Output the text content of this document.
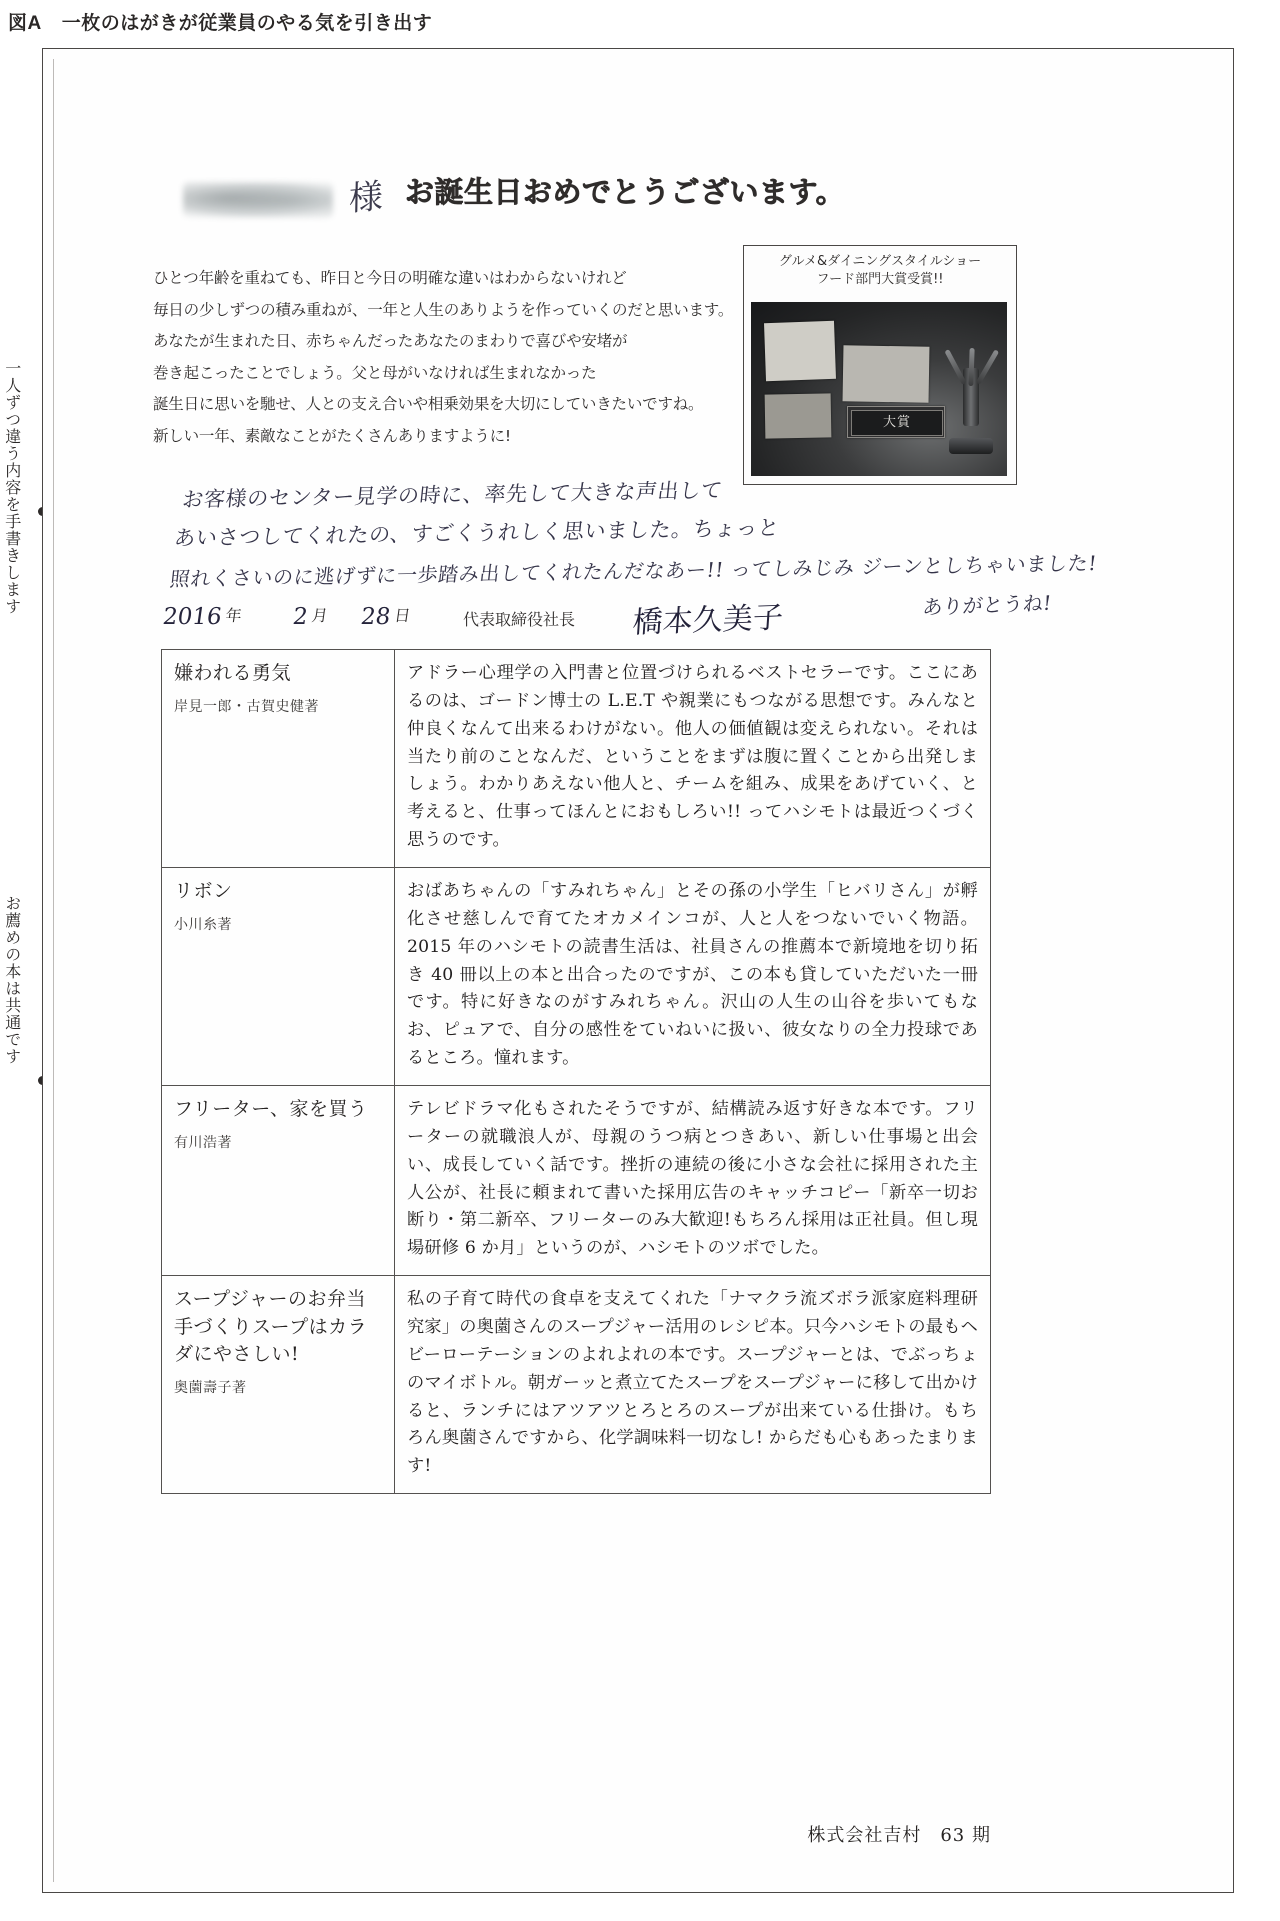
図A 一枚のはがきが従業員のやる気を引き出す
一人ずつ違う内容を手書きします
お薦めの本は共通です
様 お誕生日おめでとうございます。

ひとつ年齢を重ねても、昨日と今日の明確な違いはわからないけれど

毎日の少しずつの積み重ねが、一年と人生のありようを作っていくのだと思います。

あなたが生まれた日、赤ちゃんだったあなたのまわりで喜びや安堵が

巻き起こったことでしょう。父と母がいなければ生まれなかった

誕生日に思いを馳せ、人との支え合いや相乗効果を大切にしていきたいですね。

新しい一年、素敵なことがたくさんありますように!

グルメ&ダイニングスタイルショー
フード部門大賞受賞!!
大賞
お客様のセンター見学の時に、率先して大きな声出して
あいさつしてくれたの、すごくうれしく思いました。ちょっと
照れくさいのに逃げずに一歩踏み出してくれたんだなあー!! ってしみじみ ジーンとしちゃいました!
ありがとうね!
2016年 2月 28日	代表取締役社長 橋本久美子
嫌われる勇気
岸見一郎・古賀史健著	アドラー心理学の入門書と位置づけられるベストセラーです。ここにあるのは、ゴードン博士の L.E.T や親業にもつながる思想です。みんなと仲良くなんて出来るわけがない。他人の価値観は変えられない。それは当たり前のことなんだ、ということをまずは腹に置くことから出発しましょう。わかりあえない他人と、チームを組み、成果をあげていく、と考えると、仕事ってほんとにおもしろい!! ってハシモトは最近つくづく思うのです。

リボン
小川糸著	おばあちゃんの「すみれちゃん」とその孫の小学生「ヒバリさん」が孵化させ慈しんで育てたオカメインコが、人と人をつないでいく物語。2015 年のハシモトの読書生活は、社員さんの推薦本で新境地を切り拓き 40 冊以上の本と出合ったのですが、この本も貸していただいた一冊です。特に好きなのがすみれちゃん。沢山の人生の山谷を歩いてもなお、ピュアで、自分の感性をていねいに扱い、彼女なりの全力投球であるところ。憧れます。

フリーター、家を買う
有川浩著	テレビドラマ化もされたそうですが、結構読み返す好きな本です。フリーターの就職浪人が、母親のうつ病とつきあい、新しい仕事場と出会い、成長していく話です。挫折の連続の後に小さな会社に採用された主人公が、社長に頼まれて書いた採用広告のキャッチコピー「新卒一切お断り・第二新卒、フリーターのみ大歓迎!もちろん採用は正社員。但し現場研修 6 か月」というのが、ハシモトのツボでした。

スープジャーのお弁当 手づくりスープはカラダにやさしい!
奥薗壽子著	私の子育て時代の食卓を支えてくれた「ナマクラ流ズボラ派家庭料理研究家」の奥薗さんのスープジャー活用のレシピ本。只今ハシモトの最もヘビーローテーションのよれよれの本です。スープジャーとは、でぶっちょのマイボトル。朝ガーッと煮立てたスープをスープジャーに移して出かけると、ランチにはアツアツとろとろのスープが出来ている仕掛け。もちろん奥薗さんですから、化学調味料一切なし! からだも心もあったまります!
株式会社吉村　63 期
